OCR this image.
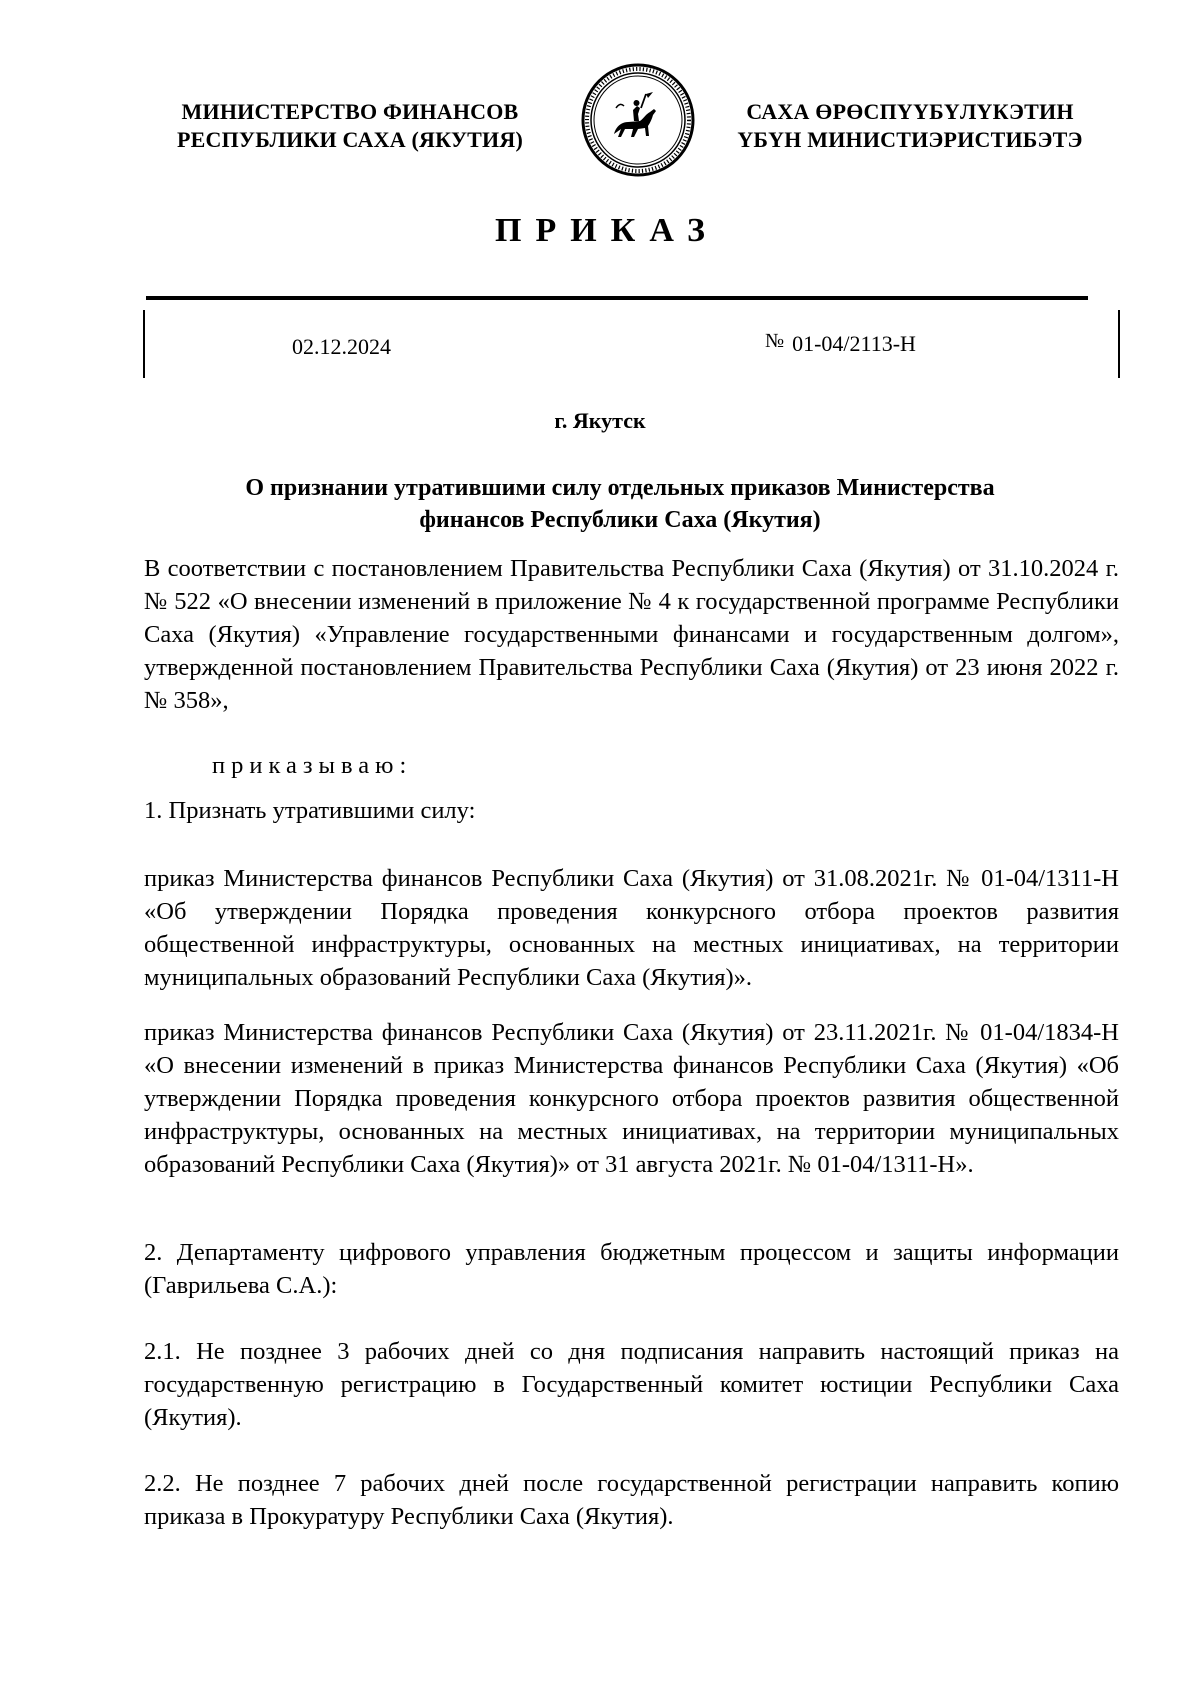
МИНИСТЕРСТВО ФИНАНСОВ
РЕСПУБЛИКИ САХА (ЯКУТИЯ)
САХА ӨРӨСПҮҮБҮЛҮКЭТИН
ҮБҮН МИНИСТИЭРИСТИБЭТЭ
ПРИКАЗ
02.12.2024	№ 01-04/2113-Н
г. Якутск
О признании утратившими силу отдельных приказов Министерства
финансов Республики Саха (Якутия)

В соответствии с постановлением Правительства Республики Саха (Якутия) от 31.10.2024 г. № 522 «О внесении изменений в приложение № 4 к государственной программе Республики Саха (Якутия) «Управление государственными финансами и государственным долгом», утвержденной постановлением Правительства Республики Саха (Якутия) от 23 июня 2022 г. № 358»,

приказываю:

1. Признать утратившими силу:

приказ Министерства финансов Республики Саха (Якутия) от 31.08.2021г. № 01-04/1311-Н «Об утверждении Порядка проведения конкурсного отбора проектов развития общественной инфраструктуры, основанных на местных инициативах, на территории муниципальных образований Республики Саха (Якутия)».

приказ Министерства финансов Республики Саха (Якутия) от 23.11.2021г. № 01-04/1834-Н «О внесении изменений в приказ Министерства финансов Республики Саха (Якутия) «Об утверждении Порядка проведения конкурсного отбора проектов развития общественной инфраструктуры, основанных на местных инициативах, на территории муниципальных образований Республики Саха (Якутия)» от 31 августа 2021г. № 01-04/1311-Н».

2. Департаменту цифрового управления бюджетным процессом и защиты информации (Гаврильева С.А.):

2.1. Не позднее 3 рабочих дней со дня подписания направить настоящий приказ на государственную регистрацию в Государственный комитет юстиции Республики Саха (Якутия).

2.2. Не позднее 7 рабочих дней после государственной регистрации направить копию приказа в Прокуратуру Республики Саха (Якутия).
